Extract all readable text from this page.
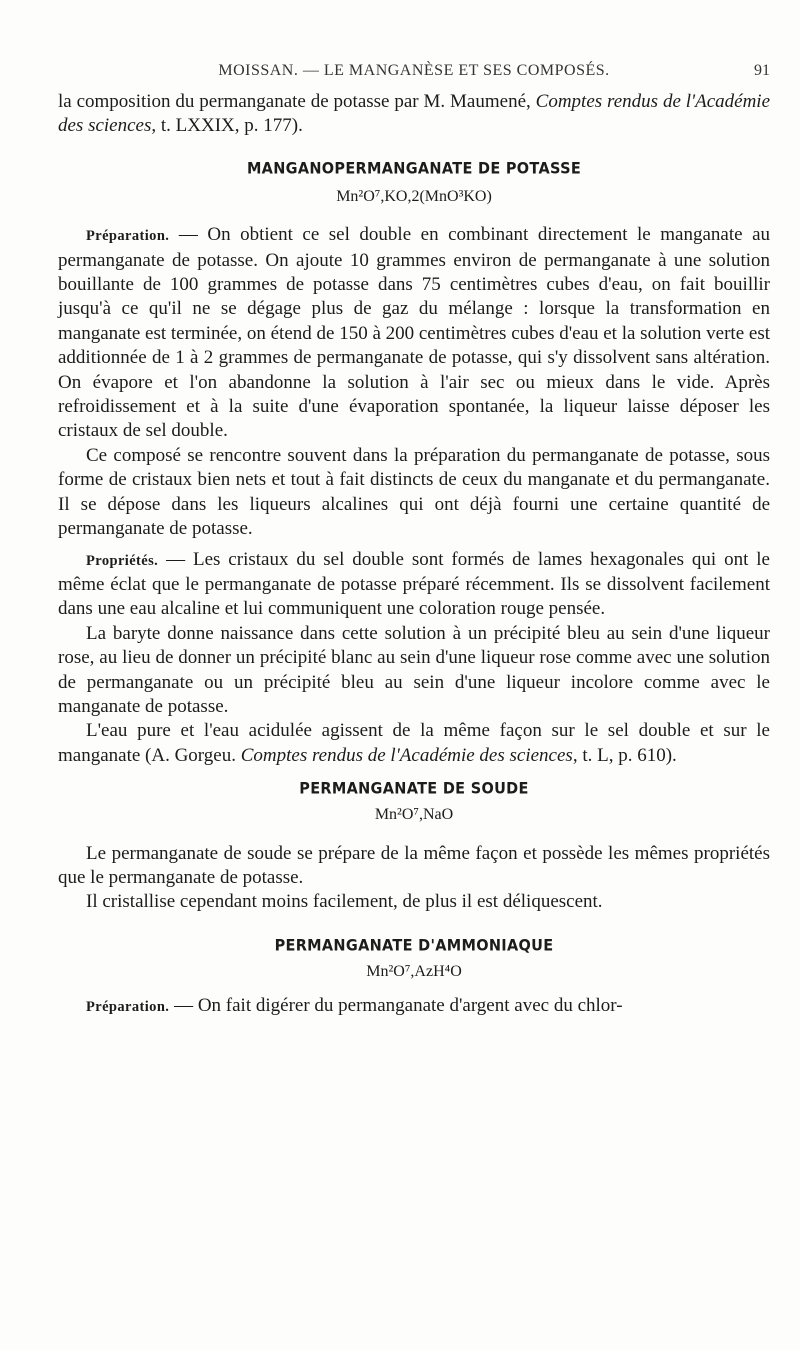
MOISSAN. — LE MANGANÈSE ET SES COMPOSÉS.	91

la composition du permanganate de potasse par M. Maumené, Comptes rendus de l'Académie des sciences, t. LXXIX, p. 177).

MANGANOPERMANGANATE DE POTASSE

Mn²O⁷,KO,2(MnO³KO)

Préparation. — On obtient ce sel double en combinant directement le manganate au permanganate de potasse. On ajoute 10 grammes environ de permanganate à une solution bouillante de 100 grammes de potasse dans 75 centimètres cubes d'eau, on fait bouillir jusqu'à ce qu'il ne se dégage plus de gaz du mélange : lorsque la transformation en manganate est terminée, on étend de 150 à 200 centimètres cubes d'eau et la solution verte est additionnée de 1 à 2 grammes de permanganate de potasse, qui s'y dissolvent sans altération. On évapore et l'on abandonne la solution à l'air sec ou mieux dans le vide. Après refroidissement et à la suite d'une évaporation spontanée, la liqueur laisse déposer les cristaux de sel double.

Ce composé se rencontre souvent dans la préparation du permanganate de potasse, sous forme de cristaux bien nets et tout à fait distincts de ceux du manganate et du permanganate. Il se dépose dans les liqueurs alcalines qui ont déjà fourni une certaine quantité de permanganate de potasse.

Propriétés. — Les cristaux du sel double sont formés de lames hexagonales qui ont le même éclat que le permanganate de potasse préparé récemment. Ils se dissolvent facilement dans une eau alcaline et lui communiquent une coloration rouge pensée.

La baryte donne naissance dans cette solution à un précipité bleu au sein d'une liqueur rose, au lieu de donner un précipité blanc au sein d'une liqueur rose comme avec une solution de permanganate ou un précipité bleu au sein d'une liqueur incolore comme avec le manganate de potasse.

L'eau pure et l'eau acidulée agissent de la même façon sur le sel double et sur le manganate (A. Gorgeu. Comptes rendus de l'Académie des sciences, t. L, p. 610).

PERMANGANATE DE SOUDE

Mn²O⁷,NaO

Le permanganate de soude se prépare de la même façon et possède les mêmes propriétés que le permanganate de potasse.

Il cristallise cependant moins facilement, de plus il est déliquescent.

PERMANGANATE D'AMMONIAQUE

Mn²O⁷,AzH⁴O

Préparation. — On fait digérer du permanganate d'argent avec du chlor-
